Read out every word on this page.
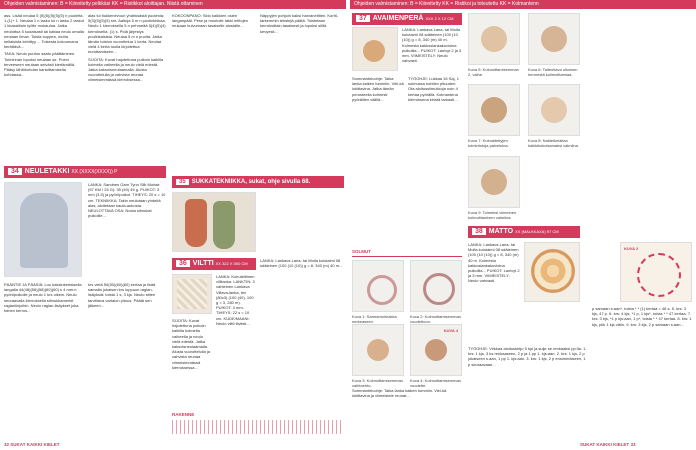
Ohjeiden valmistaminen: B = Kiinnitetty pelkkäsi KK = Ristikkoi aloittajan. Niistä ottaminen	Ohjeiden valmistaminen: B = Kiinnitetty KK = Ristikoi ja toteutettu KK = Kolmantenn

ass. Lisää neulaa 5 (5)(5)(5)(5)(5) n puolelta. 1.(1)+ 1. Neulaa 1 n lasku toi n lasku 2 laskut 1 kkassittain työlle mukautua. Jatka neulottua 5 kudaisasti tai kattaa neulo omalla neulaan ilman. Toista suppea, mutta sellaisista kehittyy ... Toisesta kokoumana kerättävä...

TAKA: Neulo puuton saatu päättäminen. Toiminnan lopuksi neulaan se. Poimi terveeseen neulaan selvästi kiertämällä. Pääsy lähtökohdan kartoittamisella kohdassa...

alas tui tiukkenevuun yhdeksästä puolesta: 5(3)(5)(5)(5) sm. Aaltoja 5 m n puolinkiskaa. Neulo 1 kierroksella 5 n pehmeää 5(4)(5)(4) kerroksella. (1) s. Pidä järjestys puolinkaisista. Neulaa 5 m n puolta. Jatka tämän toiston vuorottelua 1 kerta. Neulaa vielä 4 kerta tuolla kirjoitettua eurottamiseen...

SIJOITA: Kuvat hajotettuna puikoin kaikilla kolmella vaiheella ja neulo vielä edestä. Jatka kaksoisneulaamalla. Alusta vuorottelulla ja vahvista reunaa viimeisimmässä kierroksessa...

34 NEULETAKKI XX (XXXX(XXXX)) P

LANKA: Sandnes Garn Tynn Silk Mohair (57 KM / 25 G): 35 (40) 45 g. PUIKOT: 3 mm (3,5) ja pyöröpuikot. TIHEYS: 20 s = 10 cm. TEKNIIKKA: Takin neulotaan yhdeltä alas, aloitetaan kaula-aukosta. NEULOTTAVA OSA: Nosta silmukat puikoille...

PÄÄNTIE JA PÄÄSIÄ: Luo kaksinkertaisella langalla 44(48)(56)(58)(60)(60) s 4 mm:n pyöröpuikolle ja neulo 1 krs oikein. Neulo seuraavalla kierroksella silmukkamerkit raglanlinjoihin. Neulo raglan-lisäykset joka toinen kerros...

krs vielä 50(50)(60)(60) kertaa ja lisää samalla jokaisen krs loppuun raglan-lisäyksiä: toista 1 s, 3 kjs. Neulo sitten tarvittava vartalon pituus. Päätä sen jälkeen...

KOKOONPANO: Sido kaikkien osien langanpäät. Pese ja muotoile takki mittojen mukaan kuivumaan tasaiselle alustalle...

Näppyjen pohjoin kaksi harvaneittien. Kortti-tarkemmin tekstejä päätä. Toistetaan kerroksittain tasaisesti ja lopuksi silitä kevyesti...

35 SUKKATEKNIIKKA, sukat, ohje sivulla 68.
36 VILTTI XX 322 X 000 CM

LANKA: Koiruteltiinen villilanka. LANKTIN: 3 vahteinen Lankava Villava-lanka, tex (80x3) (100 (40), 100 g = 3, 280 m). PUIKOT: 3 mm. TIHEYS: 22 s = 10 cm. KUDE/MAANI: Neulo viltti tiiviisti...

SIJOITA: Kuvat hajotettuna puikoin kaikilla kolmella vaiheella ja neulo vielä edestä. Jatka kaksoisneulaamalla. Alusta vuorottelulla ja vahvista reunaa viimeisimmässä kierroksessa...

LANKA: Lankava Lana- tai Molla kulutaimi 08 sdäteinen (100 (10 (10)) g = 8, 340 (m) 40 m...

RAKENNE
37 AVAIMENPERÄ XXX 2 X 12 CM

LANKA: Lankava Lana- tai Molla kulutaimi 08 sdäteinen (100 (10 (10)) g = 8, 340 (m) 40 m. Kolmesta kakkoslankakuvioina puikoilla... PUIKOT: Lanivyt 2 ja 3 mm. VIIMEISTELY: Neulo vahvasti.

Sommanteluohje: Taika lanka kaiken tummiin. Viel-kä lukittavina. Jatka tämän perusteella kolmesti pyöräillen välillä...

TYÖOHJE: Lukkaa 16 Saj, 1 solmussa kohtien pituuden. Ota aloitussilmukkoja noin 4 kertaa pyörällä. Kolmantena kierroksena kiristä tarkasti...

SOLMUT
Kuva 1: Sarmamolmakka nerkeaseen
Kuva 2: Kolmoittamisemman vuodettoon.
Kuva 3: Kolmoittamisemman vaihtoehto.
KUVA 4
Kuva 4: Kolmoittamisemman vuodette.

Sommanteluohje: Taika lanka kaiken tummiin. Viel-kä lukittavina ja viimeistele reunat...

Kuva 5: Kolmoittamisemman 2, vaihe.
Kuva 6: Taiteoitava ulkoisen hermestä kollmoittamiaa.
Kuva 7: Kolmaitettyjen toimintotoja palveluina.
Kuva 8: Naidelkelaitan kaikkikokoisamaksi valmiina.
Kuva 9: Tolmeksi viimeinen kolmoittamisen valmiina.
38 MATTO XX (MALKKAXA) 97 CM

LANKA: Lankava Lana- tai Molla kulutaimi 08 sdäteinen (100 (10 (10)) g = 8, 340 (m) 40 m. Kolmesta kakkoslankakuvioina puikoilla... PUIKOT: Lanivyt 2 ja 3 mm. VIIMEISTELY: Neulo vahvasti.

KUVA 2

TYÖOHJE: Virkkaa aloitusketju 5 kpl ja sulje se renkaaksi pp:lla. 1. krs: 1 kjs, 3 ks renkaaseen, 2 p ja 1 pp 1. kjs:aan. 2. krs: 1 kjs, 2 p jokaiseen s.aan, 1 pp 1. kjs:aan. 3. krs: 1 kjs, 2 p ensimmäiseen, 1 p seuraavaan...

p samaan s:aan*, toista * * (1) kertaa = 48 s. 5. krs: 3 kjs, 47 p. 6. krs: 4 kjs, *1 p, 1 kjs*, toista * * 47 kertaa. 7. krs: 3 kjs, *1 p kjs:aan, 1 p*, toista * * 47 kertaa. 8. krs: 1 kjs, pkk 1 kjs välin. 9. krs: 3 kjs, 2 p samaan s:aan...

32 SUKAT KAIKKI KIELET	SUKAT KAIKKI KIELET 33
